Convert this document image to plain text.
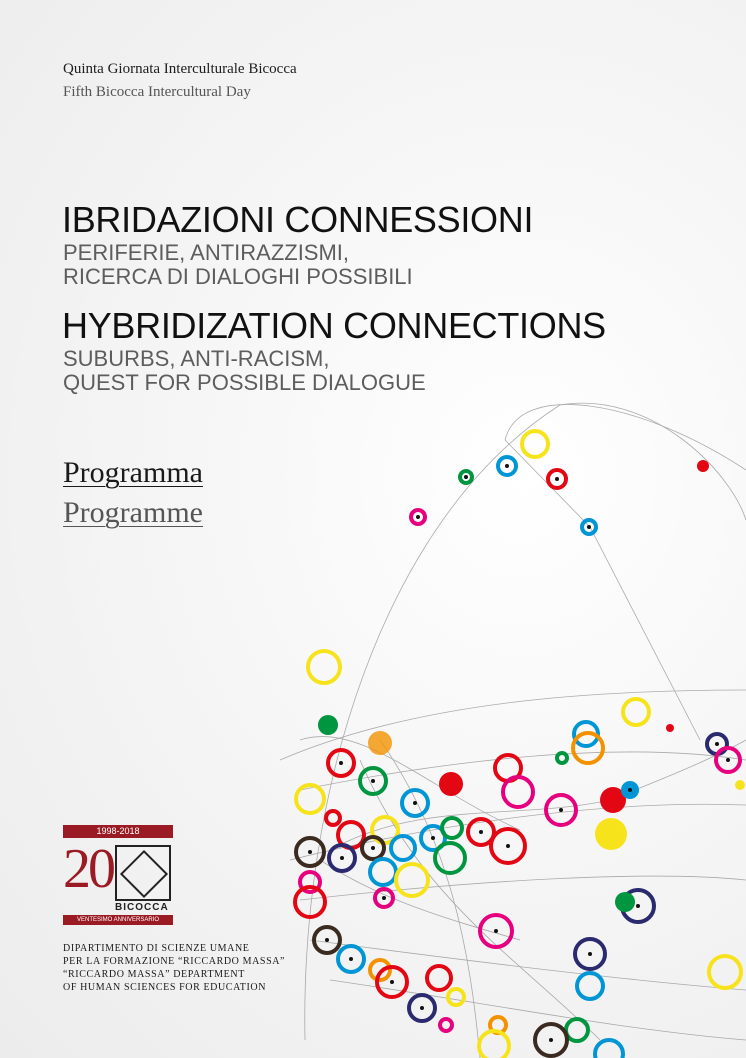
Quinta Giornata Interculturale Bicocca
Fifth Bicocca Intercultural Day
IBRIDAZIONI CONNESSIONI
PERIFERIE, ANTIRAZZISMI,
RICERCA DI DIALOGHI POSSIBILI
HYBRIDIZATION CONNECTIONS
SUBURBS, ANTI-RACISM,
QUEST FOR POSSIBLE DIALOGUE
Programma
Programme
1998-2018
20
BICOCCA
VENTESIMO ANNIVERSARIO
DIPARTIMENTO DI SCIENZE UMANE
PER LA FORMAZIONE “RICCARDO MASSA”
“RICCARDO MASSA” DEPARTMENT
OF HUMAN SCIENCES FOR EDUCATION
